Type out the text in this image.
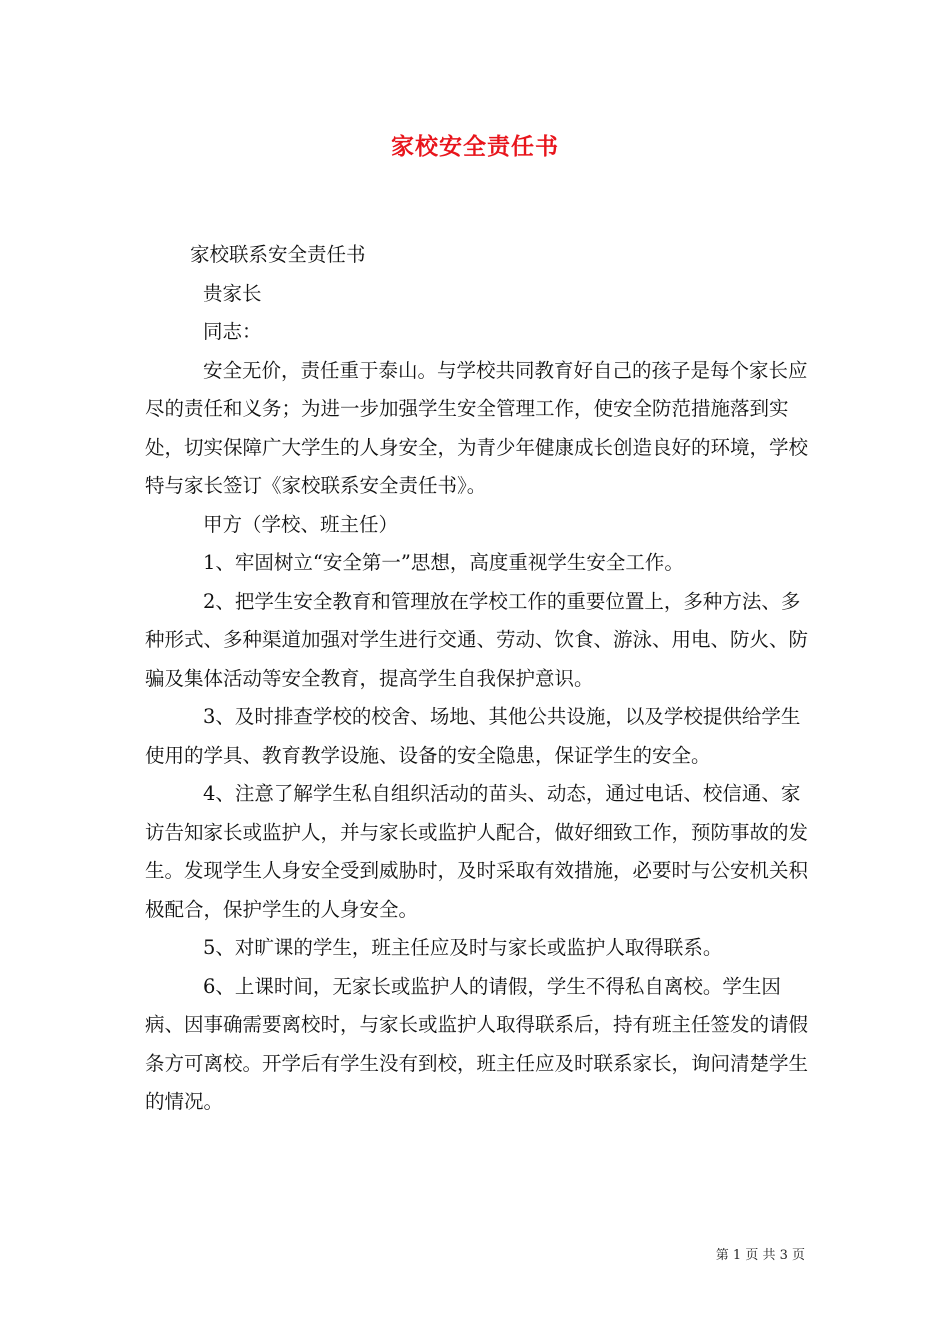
家校安全责任书

家校联系安全责任书

贵家长

同志：

安全无价，责任重于泰山。与学校共同教育好自己的孩子是每个家长应尽的责任和义务；为进一步加强学生安全管理工作，使安全防范措施落到实处，切实保障广大学生的人身安全，为青少年健康成长创造良好的环境，学校特与家长签订《家校联系安全责任书》。

甲方（学校、班主任）

1、牢固树立“安全第一”思想，高度重视学生安全工作。

2、把学生安全教育和管理放在学校工作的重要位置上，多种方法、多种形式、多种渠道加强对学生进行交通、劳动、饮食、游泳、用电、防火、防骗及集体活动等安全教育，提高学生自我保护意识。

3、及时排查学校的校舍、场地、其他公共设施，以及学校提供给学生使用的学具、教育教学设施、设备的安全隐患，保证学生的安全。

4、注意了解学生私自组织活动的苗头、动态，通过电话、校信通、家访告知家长或监护人，并与家长或监护人配合，做好细致工作，预防事故的发生。发现学生人身安全受到威胁时，及时采取有效措施，必要时与公安机关积极配合，保护学生的人身安全。

5、对旷课的学生，班主任应及时与家长或监护人取得联系。

6、上课时间，无家长或监护人的请假，学生不得私自离校。学生因病、因事确需要离校时，与家长或监护人取得联系后，持有班主任签发的请假条方可离校。开学后有学生没有到校，班主任应及时联系家长，询问清楚学生的情况。

第 1 页 共 3 页
